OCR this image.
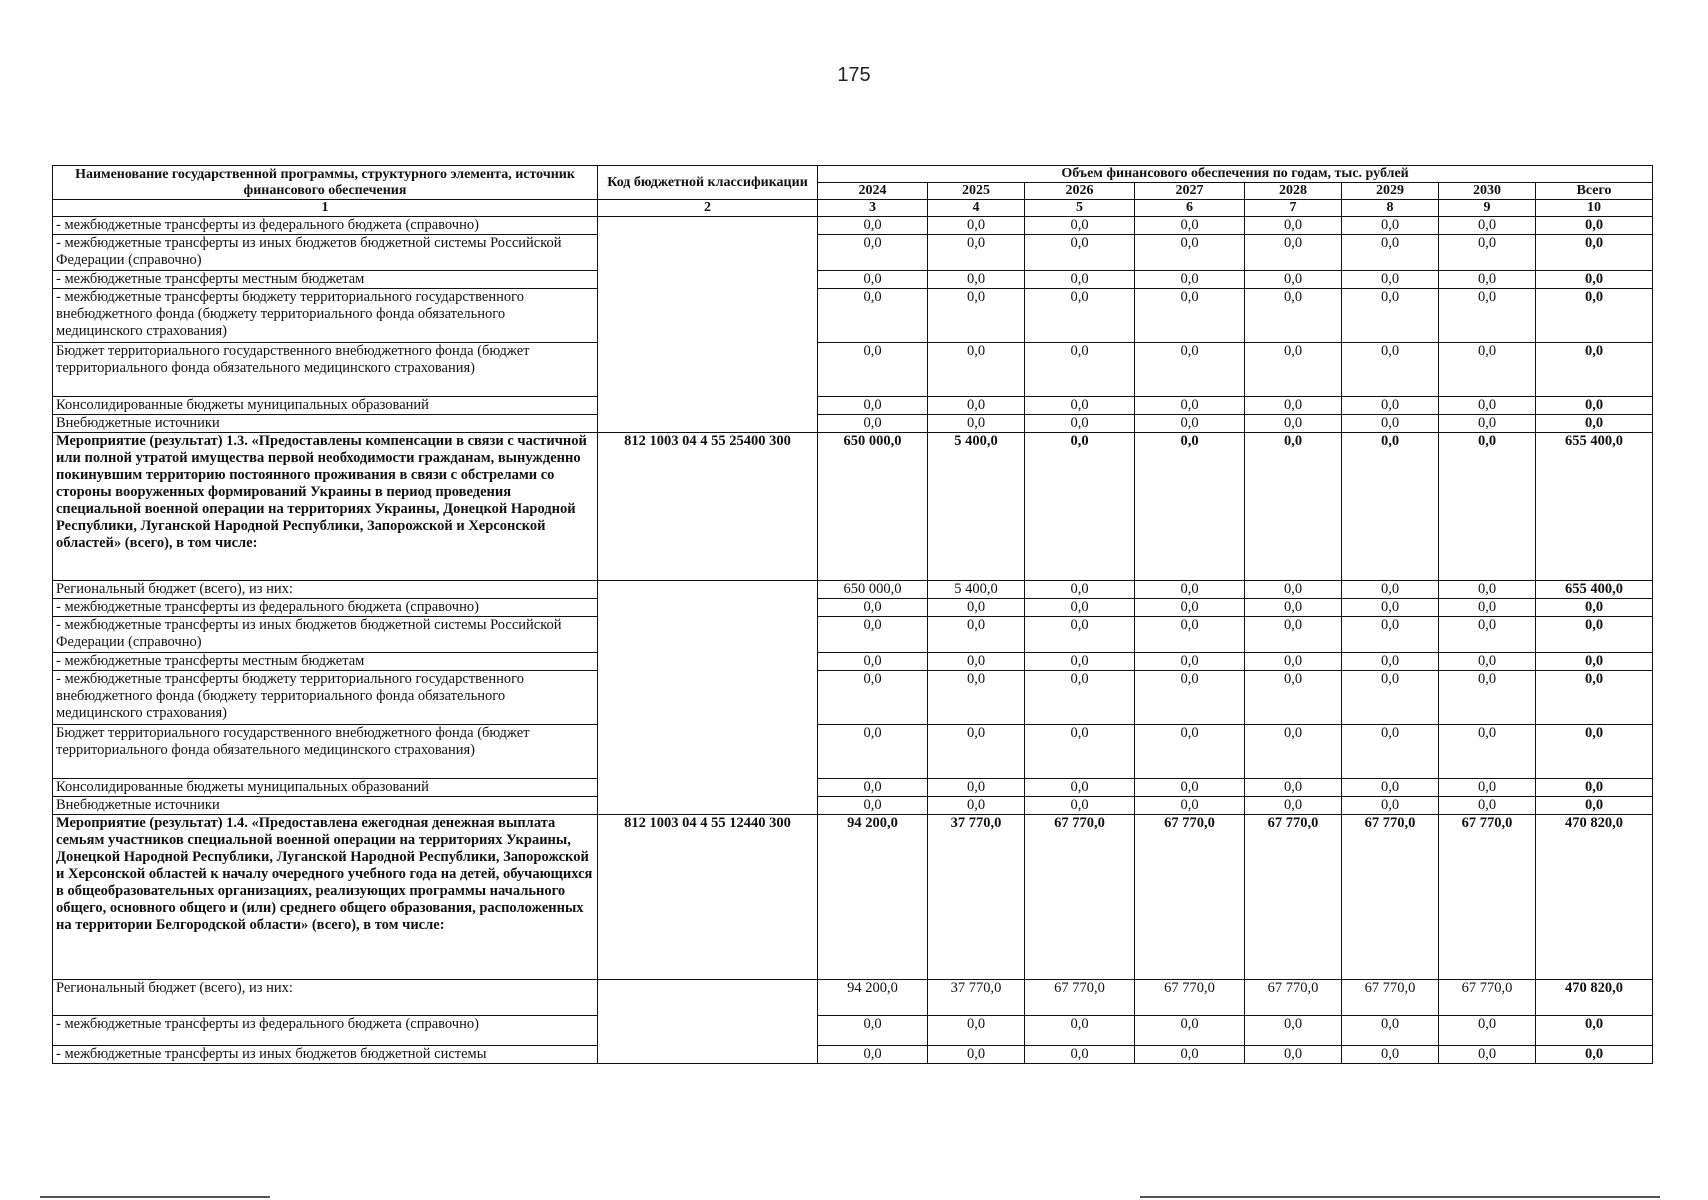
175
Наименование государственной программы, структурного элемента, источник финансового обеспечения	Код бюджетной классификации	Объем финансового обеспечения по годам, тыс. рублей							
		2024	2025	2026	2027	2028	2029	2030	Всего
1	2	3	4	5	6	7	8	9	10
- межбюджетные трансферты из федерального бюджета (справочно)		0,0	0,0	0,0	0,0	0,0	0,0	0,0	0,0
- межбюджетные трансферты из иных бюджетов бюджетной системы Российской Федерации (справочно)		0,0	0,0	0,0	0,0	0,0	0,0	0,0	0,0
- межбюджетные трансферты местным бюджетам		0,0	0,0	0,0	0,0	0,0	0,0	0,0	0,0
- межбюджетные трансферты бюджету территориального государственного внебюджетного фонда (бюджету территориального фонда обязательного медицинского страхования)		0,0	0,0	0,0	0,0	0,0	0,0	0,0	0,0
Бюджет территориального государственного внебюджетного фонда (бюджет территориального фонда обязательного медицинского страхования)		0,0	0,0	0,0	0,0	0,0	0,0	0,0	0,0
Консолидированные бюджеты муниципальных образований		0,0	0,0	0,0	0,0	0,0	0,0	0,0	0,0
Внебюджетные источники		0,0	0,0	0,0	0,0	0,0	0,0	0,0	0,0
Мероприятие (результат) 1.3. «Предоставлены компенсации в связи с частичной или полной утратой имущества первой необходимости гражданам, вынужденно покинувшим территорию постоянного проживания в связи с обстрелами со стороны вооруженных формирований Украины в период проведения специальной военной операции на территориях Украины, Донецкой Народной Республики, Луганской Народной Республики, Запорожской и Херсонской областей» (всего), в том числе:	812 1003 04 4 55 25400 300	650 000,0	5 400,0	0,0	0,0	0,0	0,0	0,0	655 400,0
Региональный бюджет (всего), из них:		650 000,0	5 400,0	0,0	0,0	0,0	0,0	0,0	655 400,0
- межбюджетные трансферты из федерального бюджета (справочно)		0,0	0,0	0,0	0,0	0,0	0,0	0,0	0,0
- межбюджетные трансферты из иных бюджетов бюджетной системы Российской Федерации (справочно)		0,0	0,0	0,0	0,0	0,0	0,0	0,0	0,0
- межбюджетные трансферты местным бюджетам		0,0	0,0	0,0	0,0	0,0	0,0	0,0	0,0
- межбюджетные трансферты бюджету территориального государственного внебюджетного фонда (бюджету территориального фонда обязательного медицинского страхования)		0,0	0,0	0,0	0,0	0,0	0,0	0,0	0,0
Бюджет территориального государственного внебюджетного фонда (бюджет территориального фонда обязательного медицинского страхования)		0,0	0,0	0,0	0,0	0,0	0,0	0,0	0,0
Консолидированные бюджеты муниципальных образований		0,0	0,0	0,0	0,0	0,0	0,0	0,0	0,0
Внебюджетные источники		0,0	0,0	0,0	0,0	0,0	0,0	0,0	0,0
Мероприятие (результат) 1.4. «Предоставлена ежегодная денежная выплата семьям участников специальной военной операции на территориях Украины, Донецкой Народной Республики, Луганской Народной Республики, Запорожской и Херсонской областей к началу очередного учебного года на детей, обучающихся в общеобразовательных организациях, реализующих программы начального общего, основного общего и (или) среднего общего образования, расположенных на территории Белгородской области» (всего), в том числе:	812 1003 04 4 55 12440 300	94 200,0	37 770,0	67 770,0	67 770,0	67 770,0	67 770,0	67 770,0	470 820,0
Региональный бюджет (всего), из них:		94 200,0	37 770,0	67 770,0	67 770,0	67 770,0	67 770,0	67 770,0	470 820,0
- межбюджетные трансферты из федерального бюджета (справочно)		0,0	0,0	0,0	0,0	0,0	0,0	0,0	0,0
- межбюджетные трансферты из иных бюджетов бюджетной системы		0,0	0,0	0,0	0,0	0,0	0,0	0,0	0,0
